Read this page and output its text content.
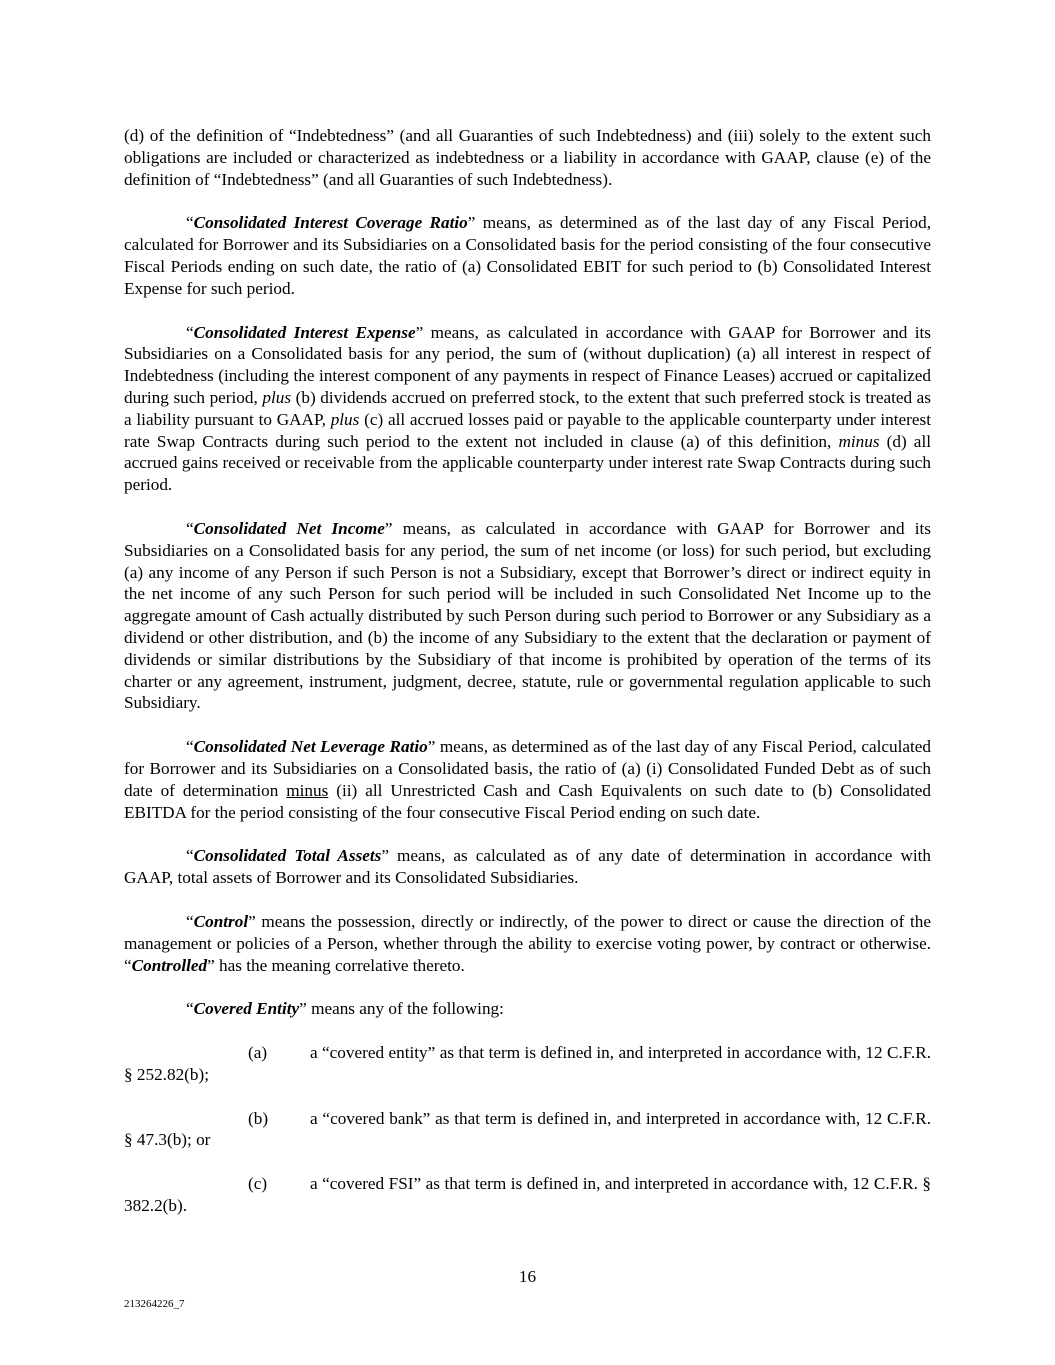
(d) of the definition of “Indebtedness” (and all Guaranties of such Indebtedness) and (iii) solely to the extent such obligations are included or characterized as indebtedness or a liability in accordance with GAAP, clause (e) of the definition of “Indebtedness” (and all Guaranties of such Indebtedness).

“Consolidated Interest Coverage Ratio” means, as determined as of the last day of any Fiscal Period, calculated for Borrower and its Subsidiaries on a Consolidated basis for the period consisting of the four consecutive Fiscal Periods ending on such date, the ratio of (a) Consolidated EBIT for such period to (b) Consolidated Interest Expense for such period.

“Consolidated Interest Expense” means, as calculated in accordance with GAAP for Borrower and its Subsidiaries on a Consolidated basis for any period, the sum of (without duplication) (a) all interest in respect of Indebtedness (including the interest component of any payments in respect of Finance Leases) accrued or capitalized during such period, plus (b) dividends accrued on preferred stock, to the extent that such preferred stock is treated as a liability pursuant to GAAP, plus (c) all accrued losses paid or payable to the applicable counterparty under interest rate Swap Contracts during such period to the extent not included in clause (a) of this definition, minus (d) all accrued gains received or receivable from the applicable counterparty under interest rate Swap Contracts during such period.

“Consolidated Net Income” means, as calculated in accordance with GAAP for Borrower and its Subsidiaries on a Consolidated basis for any period, the sum of net income (or loss) for such period, but excluding (a) any income of any Person if such Person is not a Subsidiary, except that Borrower’s direct or indirect equity in the net income of any such Person for such period will be included in such Consolidated Net Income up to the aggregate amount of Cash actually distributed by such Person during such period to Borrower or any Subsidiary as a dividend or other distribution, and (b) the income of any Subsidiary to the extent that the declaration or payment of dividends or similar distributions by the Subsidiary of that income is prohibited by operation of the terms of its charter or any agreement, instrument, judgment, decree, statute, rule or governmental regulation applicable to such Subsidiary.

“Consolidated Net Leverage Ratio” means, as determined as of the last day of any Fiscal Period, calculated for Borrower and its Subsidiaries on a Consolidated basis, the ratio of (a) (i) Consolidated Funded Debt as of such date of determination minus (ii) all Unrestricted Cash and Cash Equivalents on such date to (b) Consolidated EBITDA for the period consisting of the four consecutive Fiscal Period ending on such date.

“Consolidated Total Assets” means, as calculated as of any date of determination in accordance with GAAP, total assets of Borrower and its Consolidated Subsidiaries.

“Control” means the possession, directly or indirectly, of the power to direct or cause the direction of the management or policies of a Person, whether through the ability to exercise voting power, by contract or otherwise. “Controlled” has the meaning correlative thereto.

“Covered Entity” means any of the following:

(a) a “covered entity” as that term is defined in, and interpreted in accordance with, 12 C.F.R. § 252.82(b);

(b) a “covered bank” as that term is defined in, and interpreted in accordance with, 12 C.F.R. § 47.3(b); or

(c) a “covered FSI” as that term is defined in, and interpreted in accordance with, 12 C.F.R. § 382.2(b).

16
213264226_7
